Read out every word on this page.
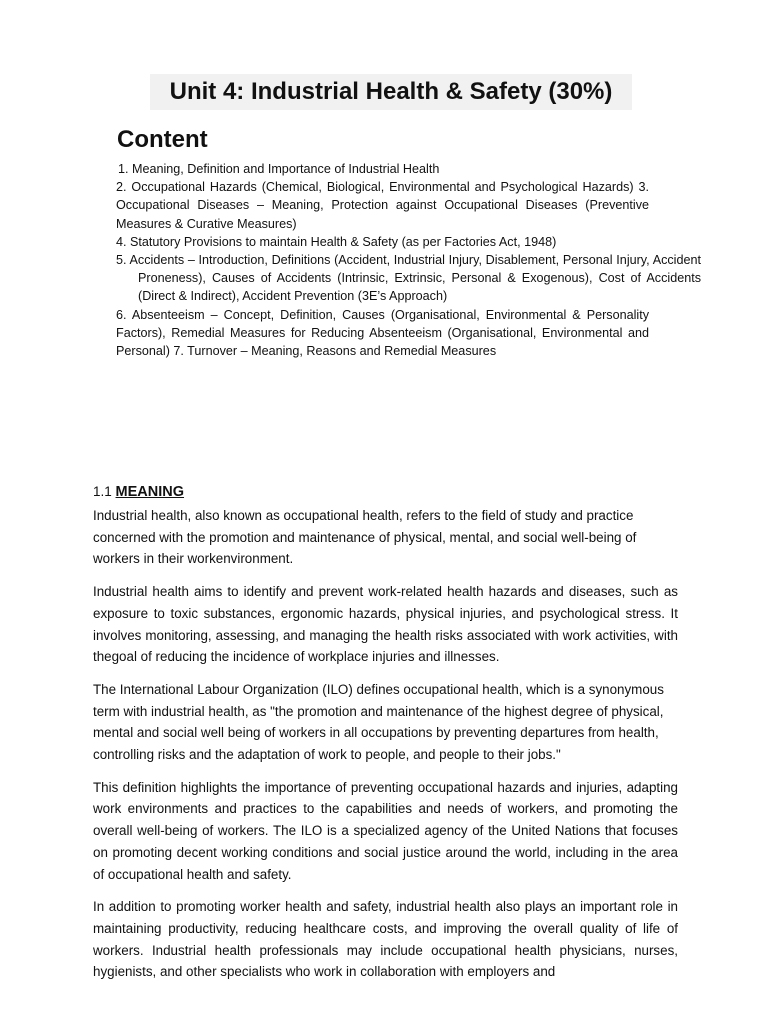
Unit 4: Industrial Health & Safety (30%)
Content

1. Meaning, Definition and Importance of Industrial Health

2. Occupational Hazards (Chemical, Biological, Environmental and Psychological Hazards) 3. Occupational Diseases – Meaning, Protection against Occupational Diseases (Preventive Measures & Curative Measures)

4. Statutory Provisions to maintain Health & Safety (as per Factories Act, 1948)

5. Accidents – Introduction, Definitions (Accident, Industrial Injury, Disablement, Personal Injury, Accident Proneness), Causes of Accidents (Intrinsic, Extrinsic, Personal & Exogenous), Cost of Accidents (Direct & Indirect), Accident Prevention (3E’s Approach)

6. Absenteeism – Concept, Definition, Causes (Organisational, Environmental & Personality Factors), Remedial Measures for Reducing Absenteeism (Organisational, Environmental and Personal) 7. Turnover – Meaning, Reasons and Remedial Measures

1.1 MEANING

Industrial health, also known as occupational health, refers to the field of study and practice concerned with the promotion and maintenance of physical, mental, and social well-being of workers in their workenvironment.

Industrial health aims to identify and prevent work-related health hazards and diseases, such as exposure to toxic substances, ergonomic hazards, physical injuries, and psychological stress. It involves monitoring, assessing, and managing the health risks associated with work activities, with thegoal of reducing the incidence of workplace injuries and illnesses.

The International Labour Organization (ILO) defines occupational health, which is a synonymous term with industrial health, as "the promotion and maintenance of the highest degree of physical, mental and social well being of workers in all occupations by preventing departures from health, controlling risks and the adaptation of work to people, and people to their jobs."

This definition highlights the importance of preventing occupational hazards and injuries, adapting work environments and practices to the capabilities and needs of workers, and promoting the overall well-being of workers. The ILO is a specialized agency of the United Nations that focuses on promoting decent working conditions and social justice around the world, including in the area of occupational health and safety.

In addition to promoting worker health and safety, industrial health also plays an important role in maintaining productivity, reducing healthcare costs, and improving the overall quality of life of workers. Industrial health professionals may include occupational health physicians, nurses, hygienists, and other specialists who work in collaboration with employers and
